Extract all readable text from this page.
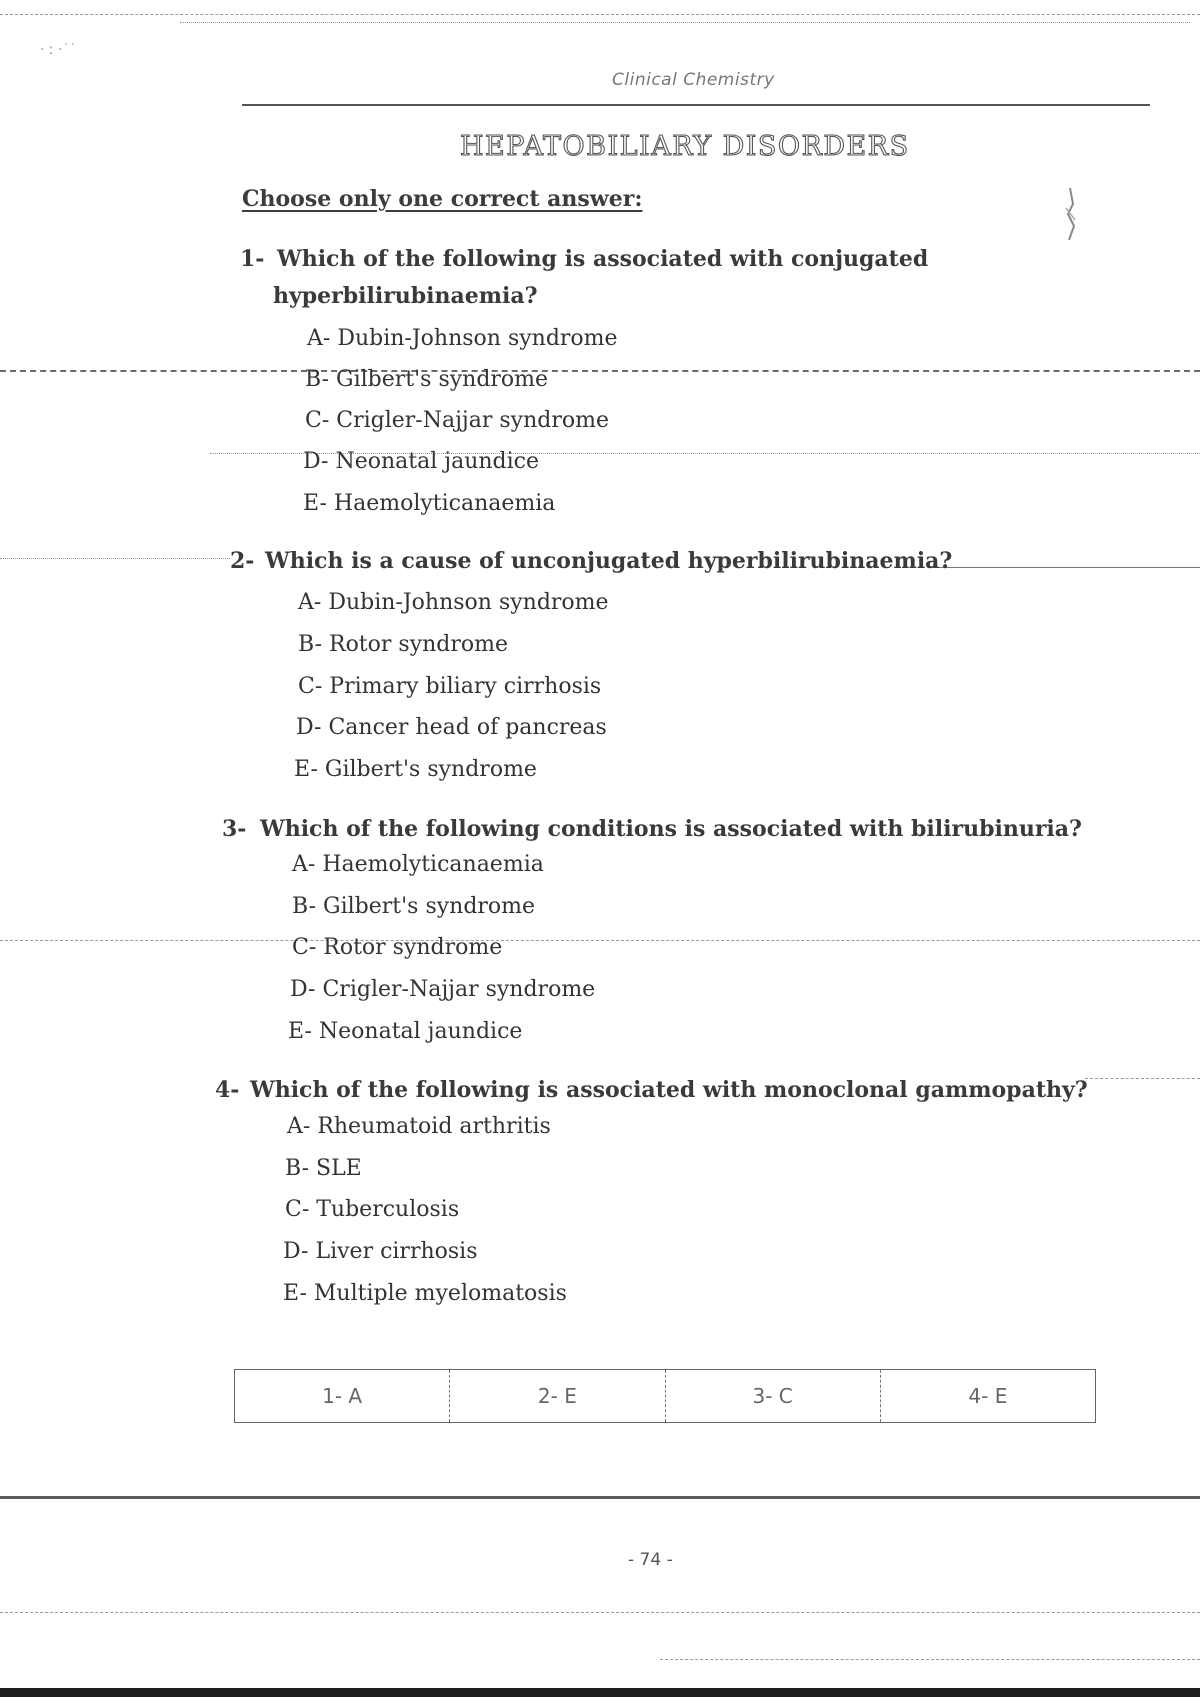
· ː ·˙˙
Clinical Chemistry
HEPATOBILIARY DISORDERS
Choose only one correct answer:
1- Which of the following is associated with conjugated
hyperbilirubinaemia?
A- Dubin-Johnson syndrome
B- Gilbert's syndrome
C- Crigler-Najjar syndrome
D- Neonatal jaundice
E- Haemolyticanaemia
2- Which is a cause of unconjugated hyperbilirubinaemia?
A- Dubin-Johnson syndrome
B- Rotor syndrome
C- Primary biliary cirrhosis
D- Cancer head of pancreas
E- Gilbert's syndrome
3- Which of the following conditions is associated with bilirubinuria?
A- Haemolyticanaemia
B- Gilbert's syndrome
C- Rotor syndrome
D- Crigler-Najjar syndrome
E- Neonatal jaundice
4- Which of the following is associated with monoclonal gammopathy?
A- Rheumatoid arthritis
B- SLE
C- Tuberculosis
D- Liver cirrhosis
E- Multiple myelomatosis
1- A	2- E	3- C	4- E
- 74 -
